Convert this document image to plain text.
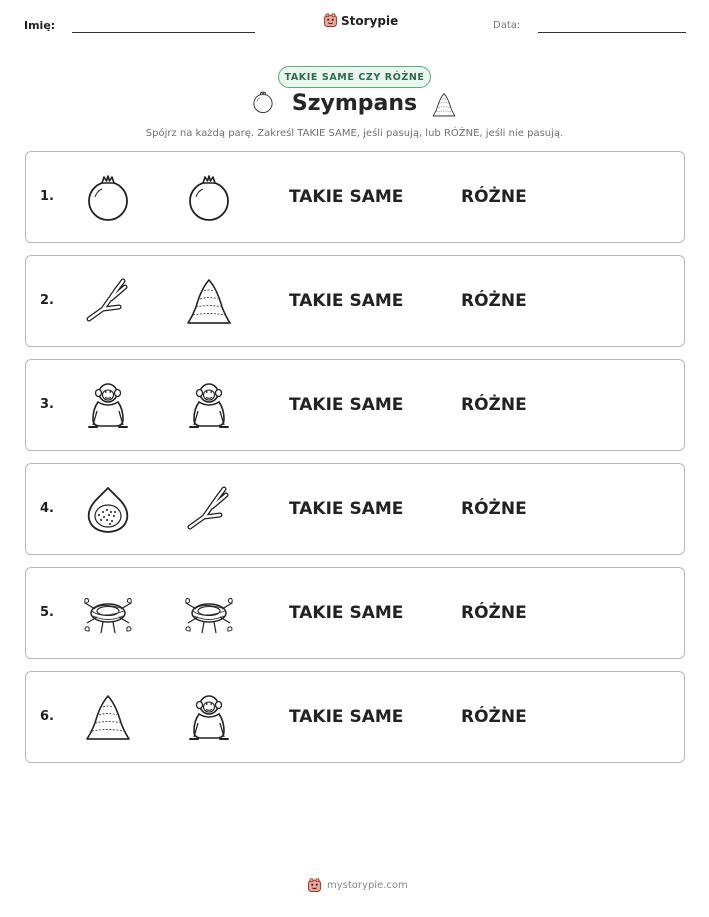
Imię:	Storypie	Data:
TAKIE SAME CZY RÓŻNE
Szympans
Spójrz na każdą parę. Zakreśl TAKIE SAME, jeśli pasują, lub RÓŻNE, jeśli nie pasują.
1.	TAKIE SAME	RÓŻNE
2.	TAKIE SAME	RÓŻNE
3.	TAKIE SAME	RÓŻNE
4.	TAKIE SAME	RÓŻNE
5.	TAKIE SAME	RÓŻNE
6.	TAKIE SAME	RÓŻNE
mystorypie.com
